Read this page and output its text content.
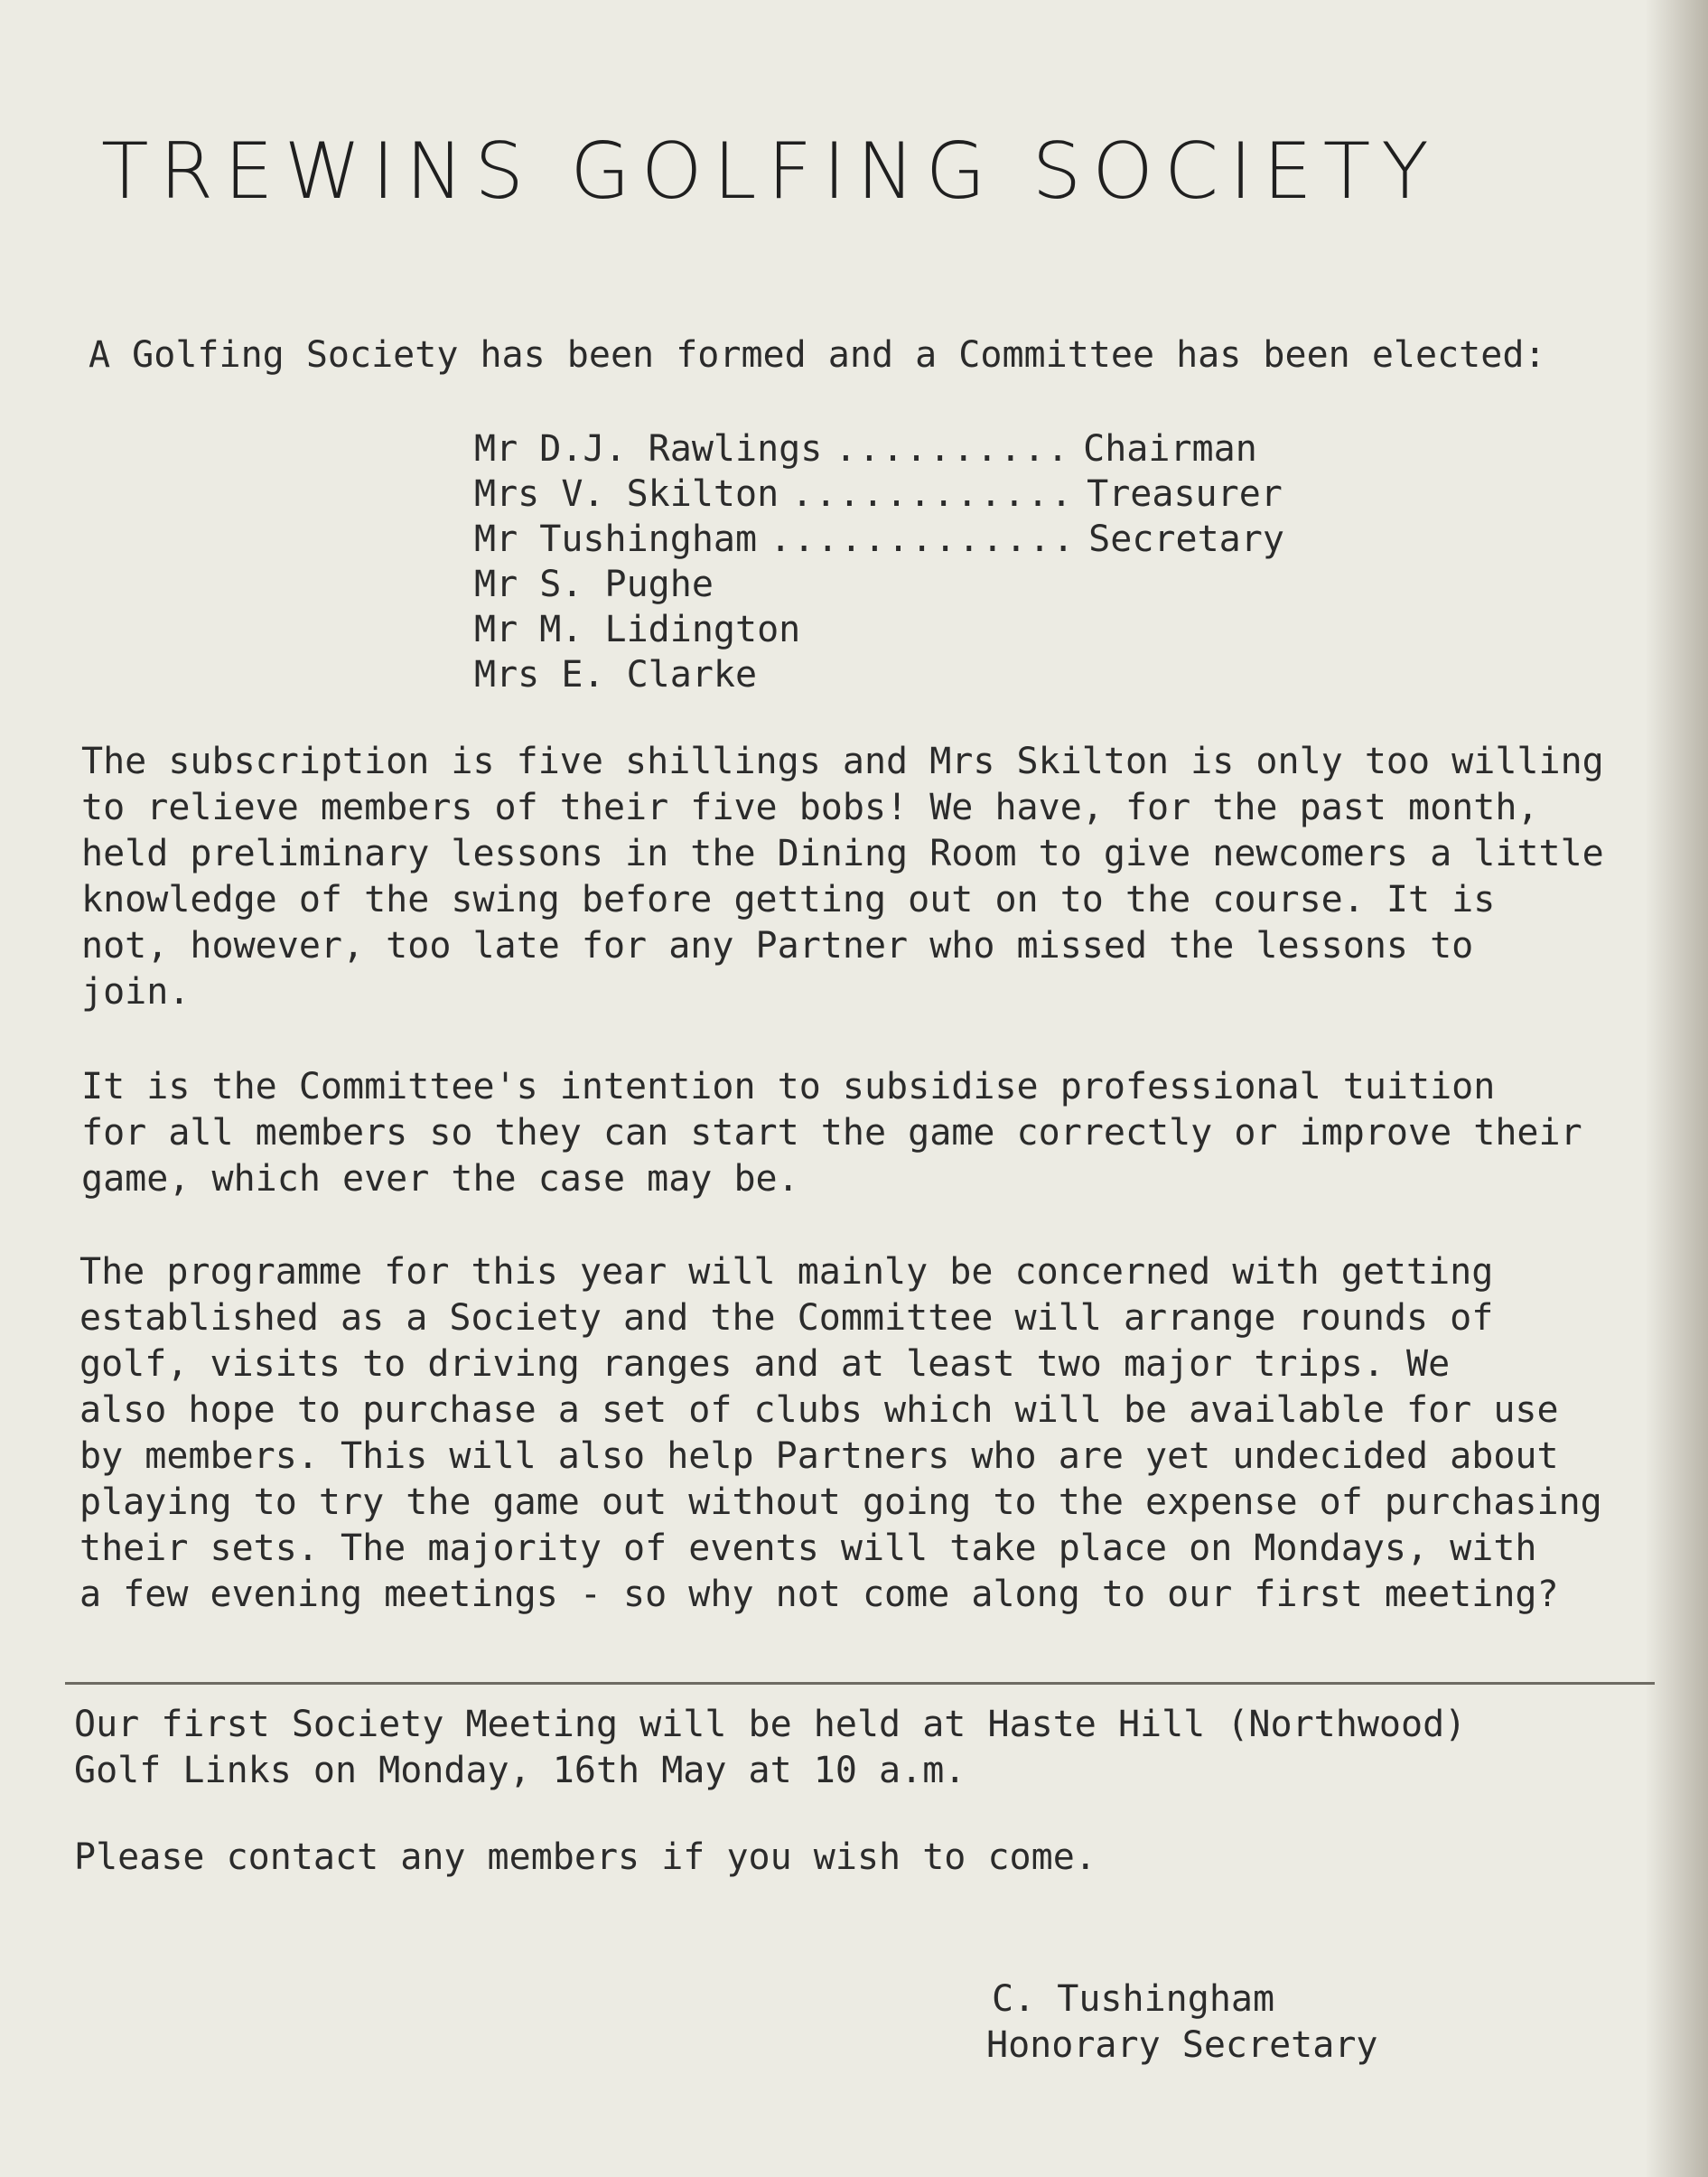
TREWINS GOLFING SOCIETY
A Golfing Society has been formed and a Committee has been elected:
Mr D.J. Rawlings .......... Chairman
Mrs V. Skilton ............ Treasurer
Mr Tushingham ............. Secretary
Mr S. Pughe
Mr M. Lidington
Mrs E. Clarke
The subscription is five shillings and Mrs Skilton is only too willing
to relieve members of their five bobs! We have, for the past month,
held preliminary lessons in the Dining Room to give newcomers a little
knowledge of the swing before getting out on to the course. It is
not, however, too late for any Partner who missed the lessons to
join.
It is the Committee's intention to subsidise professional tuition
for all members so they can start the game correctly or improve their
game, which ever the case may be.
The programme for this year will mainly be concerned with getting
established as a Society and the Committee will arrange rounds of
golf, visits to driving ranges and at least two major trips. We
also hope to purchase a set of clubs which will be available for use
by members. This will also help Partners who are yet undecided about
playing to try the game out without going to the expense of purchasing
their sets. The majority of events will take place on Mondays, with
a few evening meetings - so why not come along to our first meeting?
Our first Society Meeting will be held at Haste Hill (Northwood)
Golf Links on Monday, 16th May at 10 a.m.
Please contact any members if you wish to come.
C. Tushingham
Honorary Secretary
